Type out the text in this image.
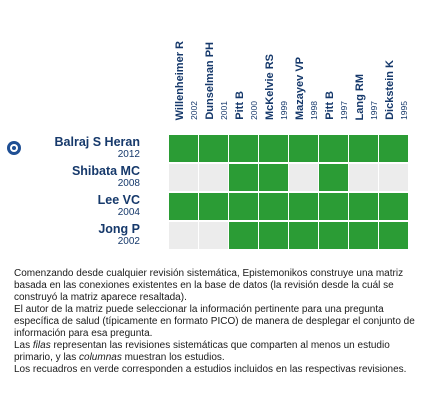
Willenheimer R 2002 Dunselman PH 2001 Pitt B 2000 McKelvie RS 1999 Mazayev VP 1998 Pitt B 1997 Lang RM 1997 Dickstein K 1995
Balraj S Heran
2012
Shibata MC
2008
Lee VC
2004
Jong P
2002

Comenzando desde cualquier revisión sistemática, Epistemonikos construye una matriz basada en las conexiones existentes en la base de datos (la revisión desde la cuál se construyó la matriz aparece resaltada).

El autor de la matriz puede seleccionar la información pertinente para una pregunta específica de salud (típicamente en formato PICO) de manera de desplegar el conjunto de información para esa pregunta.

Las filas representan las revisiones sistemáticas que comparten al menos un estudio primario, y las columnas muestran los estudios.

Los recuadros en verde corresponden a estudios incluidos en las respectivas revisiones.
